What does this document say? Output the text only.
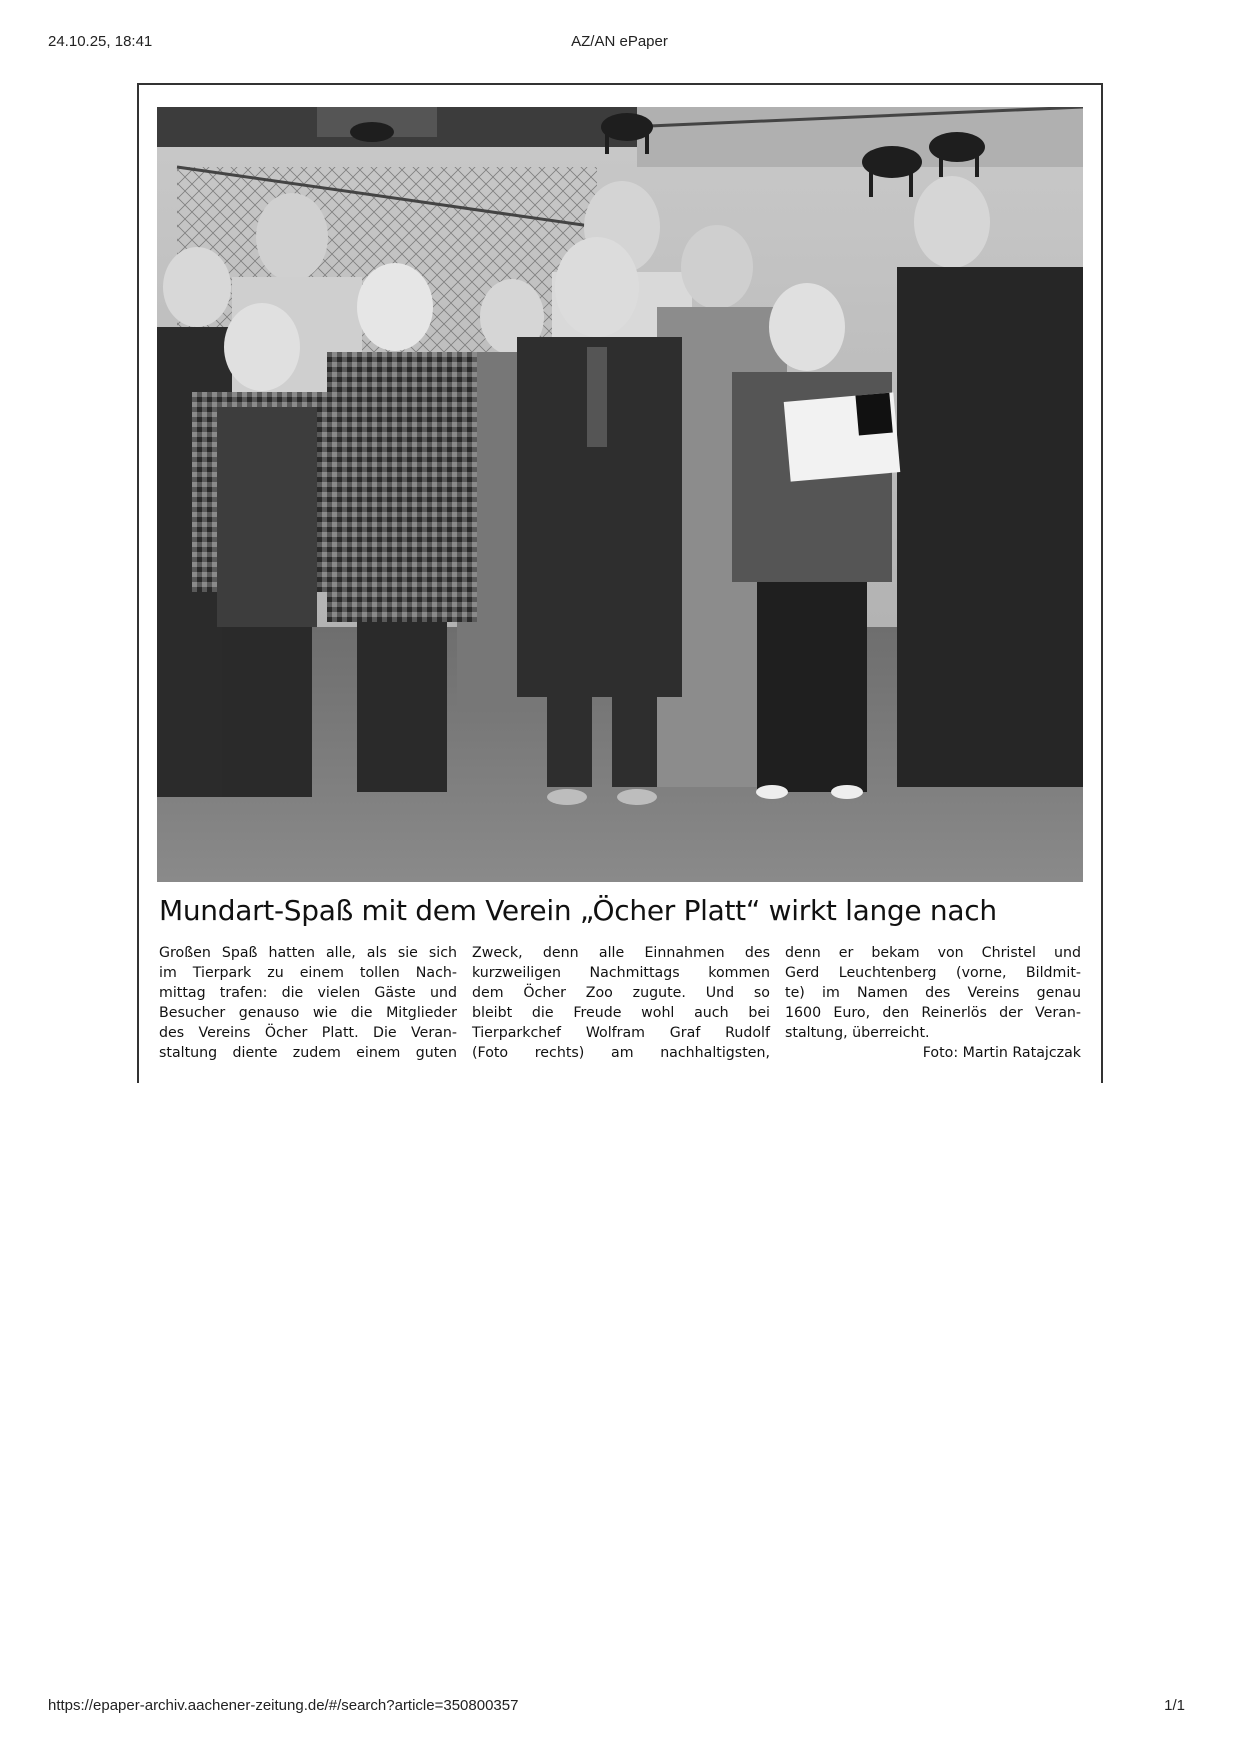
24.10.25, 18:41	AZ/AN ePaper
Mundart-Spaß mit dem Verein „Öcher Platt“ wirkt lange nach
Großen Spaß hatten alle, als sie sich
im Tierpark zu einem tollen Nach-
mittag trafen: die vielen Gäste und
Besucher genauso wie die Mitglieder
des Vereins Öcher Platt. Die Veran-
staltung diente zudem einem guten
Zweck, denn alle Einnahmen des
kurzweiligen Nachmittags kommen
dem Öcher Zoo zugute. Und so
bleibt die Freude wohl auch bei
Tierparkchef Wolfram Graf Rudolf
(Foto rechts) am nachhaltigsten,
denn er bekam von Christel und
Gerd Leuchtenberg (vorne, Bildmit-
te) im Namen des Vereins genau
1600 Euro, den Reinerlös der Veran-
staltung, überreicht.
Foto: Martin Ratajczak
https://epaper-archiv.aachener-zeitung.de/#/search?article=350800357	1/1
